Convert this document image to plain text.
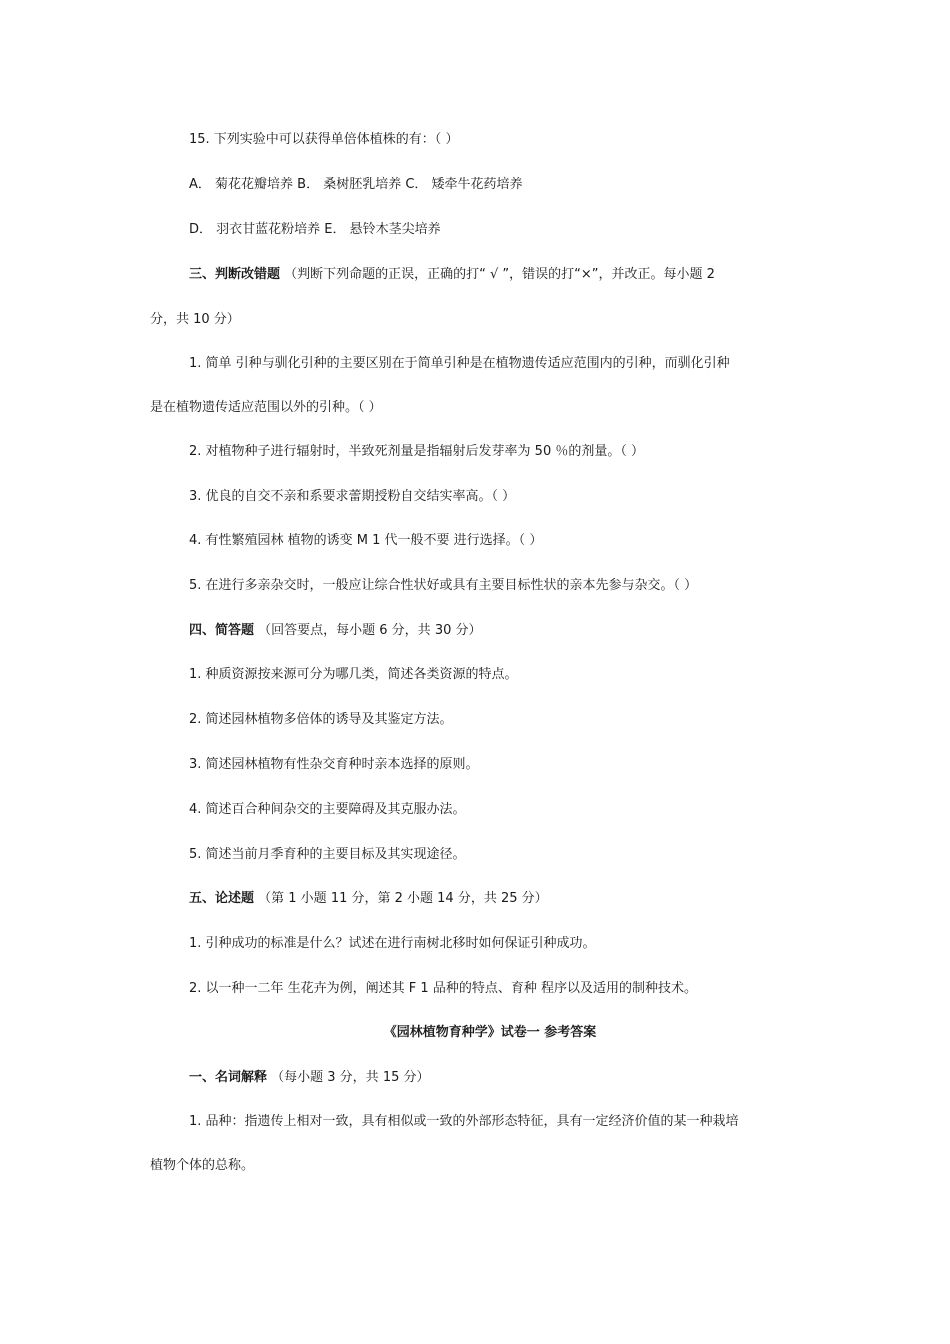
15. 下列实验中可以获得单倍体植株的有：（ ）
A． 菊花花瓣培养 B． 桑树胚乳培养 C． 矮牵牛花药培养
D． 羽衣甘蓝花粉培养 E． 悬铃木茎尖培养
三、判断改错题 （判断下列命题的正误，正确的打“ √ ”，错误的打“×”，并改正。每小题 2
分，共 10 分）
1. 简单 引种与驯化引种的主要区别在于简单引种是在植物遗传适应范围内的引种，而驯化引种
是在植物遗传适应范围以外的引种。（ ）
2. 对植物种子进行辐射时，半致死剂量是指辐射后发芽率为 50 ％的剂量。（ ）
3. 优良的自交不亲和系要求蕾期授粉自交结实率高。（ ）
4. 有性繁殖园林 植物的诱变 M 1 代一般不要 进行选择。（ ）
5. 在进行多亲杂交时，一般应让综合性状好或具有主要目标性状的亲本先参与杂交。（ ）
四、简答题 （回答要点，每小题 6 分，共 30 分）
1. 种质资源按来源可分为哪几类，简述各类资源的特点。
2. 简述园林植物多倍体的诱导及其鉴定方法。
3. 简述园林植物有性杂交育种时亲本选择的原则。
4. 简述百合种间杂交的主要障碍及其克服办法。
5. 简述当前月季育种的主要目标及其实现途径。
五、论述题 （第 1 小题 11 分，第 2 小题 14 分，共 25 分）
1. 引种成功的标准是什么？试述在进行南树北移时如何保证引种成功。
2. 以一种一二年 生花卉为例，阐述其 F 1 品种的特点、育种 程序以及适用的制种技术。
《园林植物育种学》试卷一 参考答案
一、名词解释 （每小题 3 分，共 15 分）
1. 品种：指遗传上相对一致，具有相似或一致的外部形态特征，具有一定经济价值的某一种栽培
植物个体的总称。
